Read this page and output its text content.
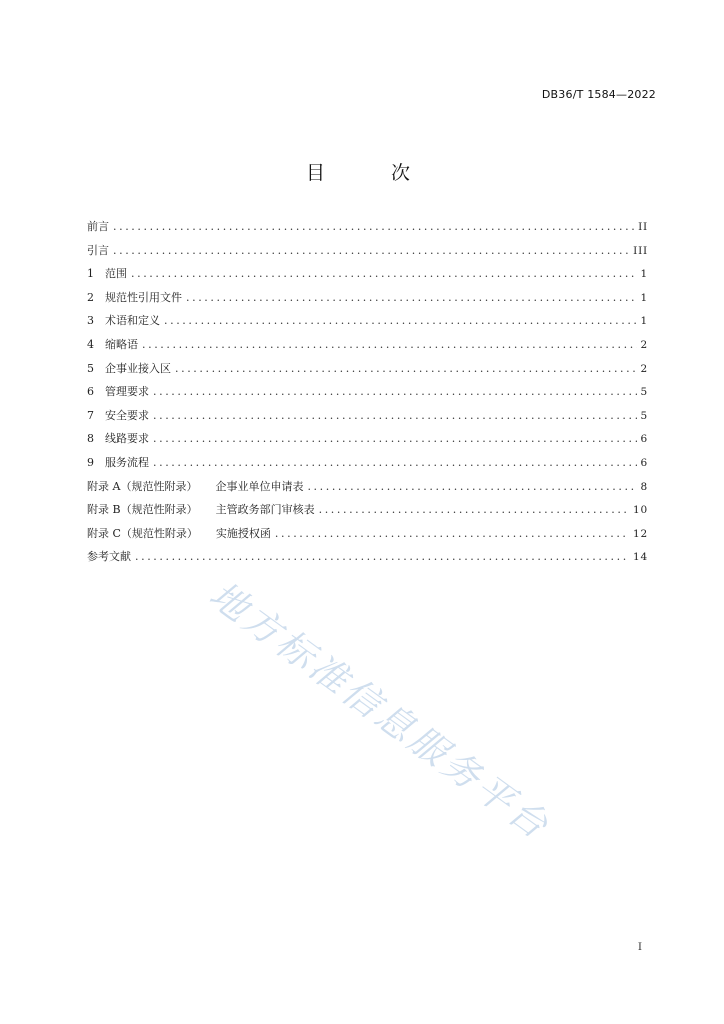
DB36/T 1584—2022
目 次
前言 .....	II
引言 .....	III
1	范围 .....	1
2	规范性引用文件 .....	1
3	术语和定义 .....	1
4	缩略语 .....	2
5	企事业接入区 .....	2
6	管理要求 .....	5
7	安全要求 .....	5
8	线路要求 .....	6
9	服务流程 .....	6
附录 A（规范性附录） 企事业单位申请表 .....	8
附录 B（规范性附录） 主管政务部门审核表 .....	10
附录 C（规范性附录） 实施授权函 .....	12
参考文献 .....	14
地方标准信息服务平台
I
